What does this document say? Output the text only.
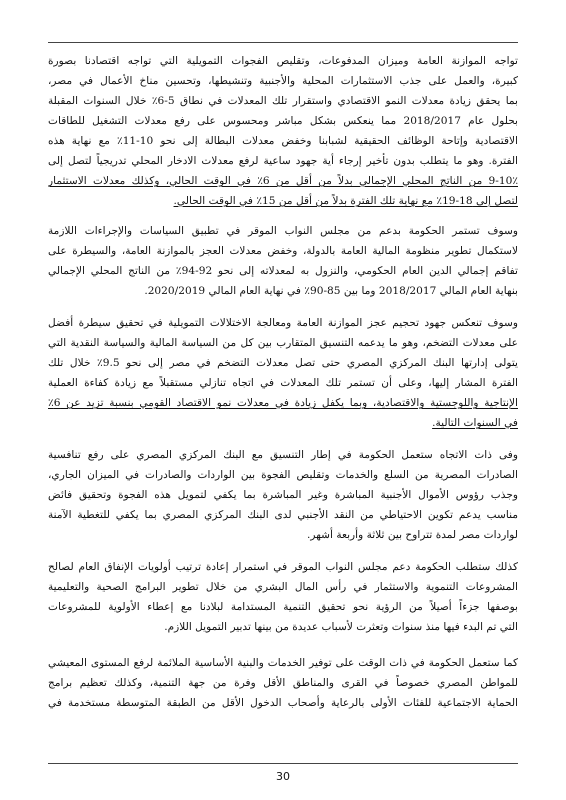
تواجه الموازنة العامة وميزان المدفوعات، وتقليص الفجوات التمويلية التي تواجه اقتصادنا بصورة
كبيرة، والعمل على جذب الاستثمارات المحلية والأجنبية وتنشيطها، وتحسين مناخ الأعمال في مصر،
بما يحقق زيادة معدلات النمو الاقتصادي واستقرار تلك المعدلات في نطاق 5-6٪ خلال السنوات المقبلة
بحلول عام 2018/2017 مما ينعكس بشكل مباشر ومحسوس على رفع معدلات التشغيل للطاقات
الاقتصادية وإتاحة الوظائف الحقيقية لشبابنا وخفض معدلات البطالة إلى نحو 10-11٪ مع نهاية هذه
الفترة. وهو ما يتطلب بدون تأخير إرجاء أية جهود ساعية لرفع معدلات الادخار المحلي تدريجياً لتصل إلى
9-10٪ من الناتج المحلي الإجمالي بدلاً من أقل من 6٪ في الوقت الحالي، وكذلك معدلات الاستثمار
لتصل إلى 18-19٪ مع نهاية تلك الفترة بدلاً من أقل من 15٪ في الوقت الحالي.
وسوف تستمر الحكومة بدعم من مجلس النواب الموقر في تطبيق السياسات والإجراءات اللازمة
لاستكمال تطوير منظومة المالية العامة بالدولة، وخفض معدلات العجز بالموازنة العامة، والسيطرة على
تفاقم إجمالي الدين العام الحكومي، والنزول به لمعدلاته إلى نحو 92-94٪ من الناتج المحلي الإجمالي
بنهاية العام المالي 2018/2017 وما بين 85-90٪ في نهاية العام المالي 2020/2019.
وسوف تنعكس جهود تحجيم عجز الموازنة العامة ومعالجة الاختلالات التمويلية في تحقيق سيطرة أفضل
على معدلات التضخم، وهو ما يدعمه التنسيق المتقارب بين كل من السياسة المالية والسياسة النقدية التي
يتولى إدارتها البنك المركزي المصري حتى تصل معدلات التضخم في مصر إلى نحو 9.5٪ خلال تلك
الفترة المشار إليها، وعلى أن تستمر تلك المعدلات في اتجاه تنازلي مستقبلاً مع زيادة كفاءة العملية
الإنتاجية واللوجستية والاقتصادية، وبما يكفل زيادة في معدلات نمو الاقتصاد القومي بنسبة تزيد عن 6٪
في السنوات التالية.
وفى ذات الاتجاه ستعمل الحكومة في إطار التنسيق مع البنك المركزي المصري على رفع تنافسية
الصادرات المصرية من السلع والخدمات وتقليص الفجوة بين الواردات والصادرات في الميزان الجاري،
وجذب رؤوس الأموال الأجنبية المباشرة وغير المباشرة بما يكفي لتمويل هذه الفجوة وتحقيق فائض
مناسب يدعم تكوين الاحتياطي من النقد الأجنبي لدى البنك المركزي المصري بما يكفي للتغطية الآمنة
لواردات مصر لمدة تتراوح بين ثلاثة وأربعة أشهر.
كذلك ستطلب الحكومة دعم مجلس النواب الموقر في استمرار إعادة ترتيب أولويات الإنفاق العام لصالح
المشروعات التنموية والاستثمار في رأس المال البشري من خلال تطوير البرامج الصحية والتعليمية
بوصفها جزءاً أصيلاً من الرؤية نحو تحقيق التنمية المستدامة لبلادنا مع إعطاء الأولوية للمشروعات
التي تم البدء فيها منذ سنوات وتعثرت لأسباب عديدة من بينها تدبير التمويل اللازم.
كما ستعمل الحكومة في ذات الوقت على توفير الخدمات والبنية الأساسية الملائمة لرفع المستوى المعيشي
للمواطن المصري خصوصاً في القرى والمناطق الأقل وفرة من جهة التنمية، وكذلك تعظيم برامج
الحماية الاجتماعية للفئات الأولى بالرعاية وأصحاب الدخول الأقل من الطبقة المتوسطة مستخدمة في
30
